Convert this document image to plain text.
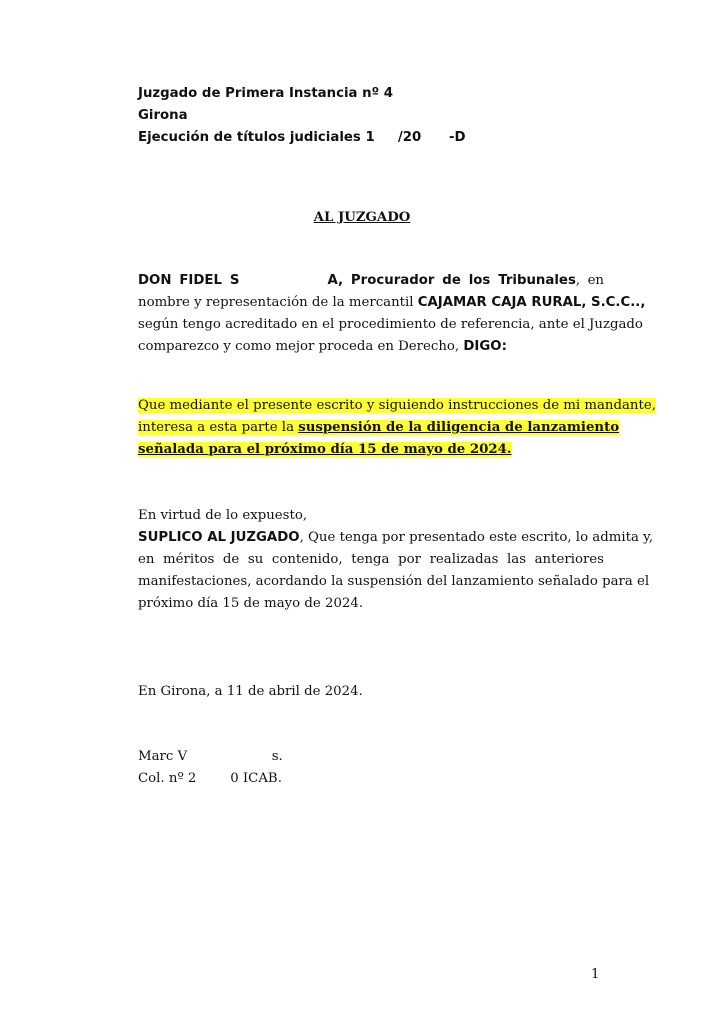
Juzgado de Primera Instancia nº 4
Girona
Ejecución de títulos judiciales 1     /20      -D
AL JUZGADO
DON FIDEL S	A, Procurador de los Tribunales, en
nombre y representación de la mercantil CAJAMAR CAJA RURAL, S.C.C..,
según tengo acreditado en el procedimiento de referencia, ante el Juzgado
comparezco y como mejor proceda en Derecho, DIGO:
Que mediante el presente escrito y siguiendo instrucciones de mi mandante,
interesa a esta parte la suspensión de la diligencia de lanzamiento
señalada para el próximo día 15 de mayo de 2024.
En virtud de lo expuesto,
SUPLICO AL JUZGADO, Que tenga por presentado este escrito, lo admita y,
en méritos de su contenido, tenga por realizadas las anteriores
manifestaciones, acordando la suspensión del lanzamiento señalado para el
próximo día 15 de mayo de 2024.
En Girona, a 11 de abril de 2024.
Marc V                    s.
Col. nº 2        0 ICAB.
1
